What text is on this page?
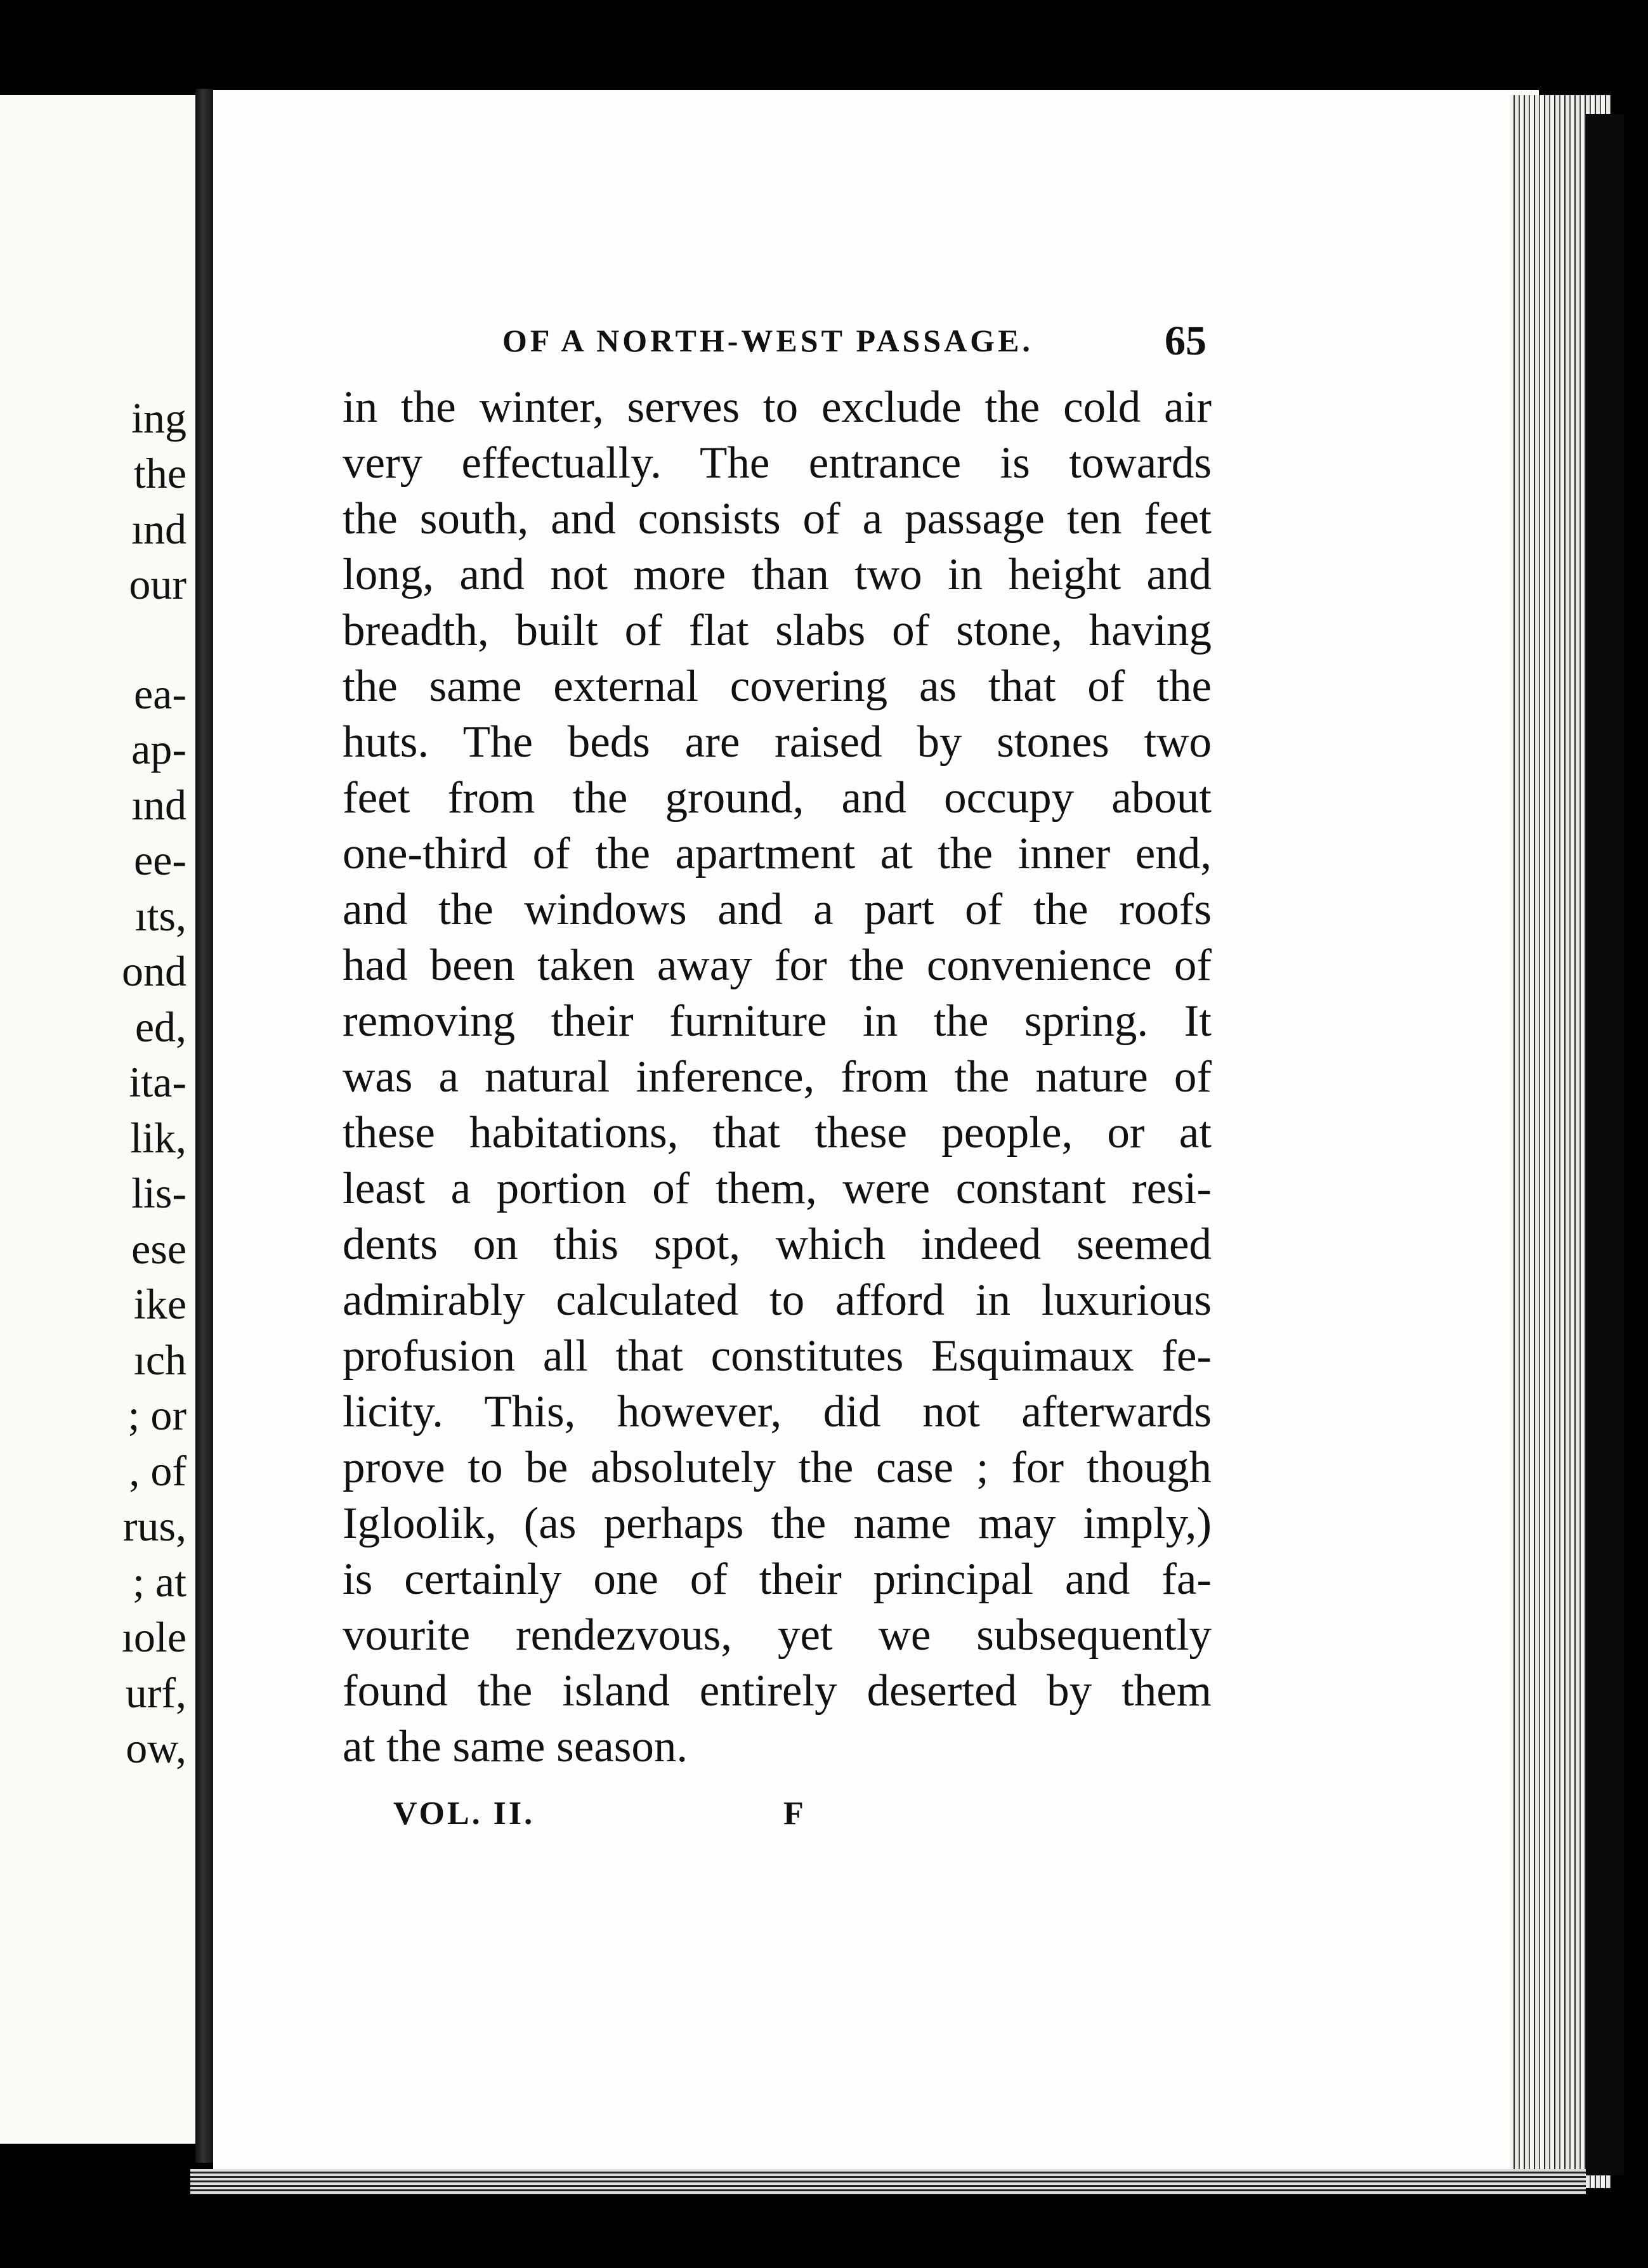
ing
the
ınd
our
ea-
ap-
ınd
ee-
ıts,
ond
ed,
ita-
lik,
lis-
ese
ike
ıch
; or
, of
rus,
; at
ıole
urf,
ow,
OF A NORTH-WEST PASSAGE.	65
in the winter, serves to exclude the cold air
very effectually. The entrance is towards
the south, and consists of a passage ten feet
long, and not more than two in height and
breadth, built of flat slabs of stone, having
the same external covering as that of the
huts. The beds are raised by stones two
feet from the ground, and occupy about
one-third of the apartment at the inner end,
and the windows and a part of the roofs
had been taken away for the convenience of
removing their furniture in the spring. It
was a natural inference, from the nature of
these habitations, that these people, or at
least a portion of them, were constant resi-
dents on this spot, which indeed seemed
admirably calculated to afford in luxurious
profusion all that constitutes Esquimaux fe-
licity. This, however, did not afterwards
prove to be absolutely the case ; for though
Igloolik, (as perhaps the name may imply,)
is certainly one of their principal and fa-
vourite rendezvous, yet we subsequently
found the island entirely deserted by them
at the same season.
VOL. II.	F
